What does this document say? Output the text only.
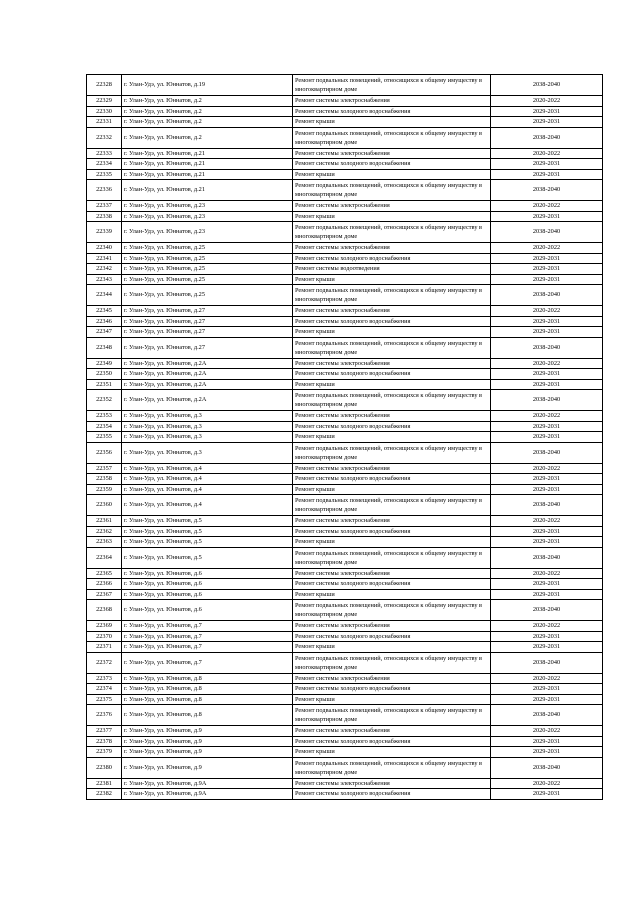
22328	г. Улан-Удэ, ул. Юннатов, д.19	Ремонт подвальных помещений, относящихся к общему имуществу в многоквартирном доме	2038-2040
22329	г. Улан-Удэ, ул. Юннатов, д.2	Ремонт системы электроснабжения	2020-2022
22330	г. Улан-Удэ, ул. Юннатов, д.2	Ремонт системы холодного водоснабжения	2029-2031
22331	г. Улан-Удэ, ул. Юннатов, д.2	Ремонт крыши	2029-2031
22332	г. Улан-Удэ, ул. Юннатов, д.2	Ремонт подвальных помещений, относящихся к общему имуществу в многоквартирном доме	2038-2040
22333	г. Улан-Удэ, ул. Юннатов, д.21	Ремонт системы электроснабжения	2020-2022
22334	г. Улан-Удэ, ул. Юннатов, д.21	Ремонт системы холодного водоснабжения	2029-2031
22335	г. Улан-Удэ, ул. Юннатов, д.21	Ремонт крыши	2029-2031
22336	г. Улан-Удэ, ул. Юннатов, д.21	Ремонт подвальных помещений, относящихся к общему имуществу в многоквартирном доме	2038-2040
22337	г. Улан-Удэ, ул. Юннатов, д.23	Ремонт системы электроснабжения	2020-2022
22338	г. Улан-Удэ, ул. Юннатов, д.23	Ремонт крыши	2029-2031
22339	г. Улан-Удэ, ул. Юннатов, д.23	Ремонт подвальных помещений, относящихся к общему имуществу в многоквартирном доме	2038-2040
22340	г. Улан-Удэ, ул. Юннатов, д.25	Ремонт системы электроснабжения	2020-2022
22341	г. Улан-Удэ, ул. Юннатов, д.25	Ремонт системы холодного водоснабжения	2029-2031
22342	г. Улан-Удэ, ул. Юннатов, д.25	Ремонт системы водоотведения	2029-2031
22343	г. Улан-Удэ, ул. Юннатов, д.25	Ремонт крыши	2029-2031
22344	г. Улан-Удэ, ул. Юннатов, д.25	Ремонт подвальных помещений, относящихся к общему имуществу в многоквартирном доме	2038-2040
22345	г. Улан-Удэ, ул. Юннатов, д.27	Ремонт системы электроснабжения	2020-2022
22346	г. Улан-Удэ, ул. Юннатов, д.27	Ремонт системы холодного водоснабжения	2029-2031
22347	г. Улан-Удэ, ул. Юннатов, д.27	Ремонт крыши	2029-2031
22348	г. Улан-Удэ, ул. Юннатов, д.27	Ремонт подвальных помещений, относящихся к общему имуществу в многоквартирном доме	2038-2040
22349	г. Улан-Удэ, ул. Юннатов, д.2А	Ремонт системы электроснабжения	2020-2022
22350	г. Улан-Удэ, ул. Юннатов, д.2А	Ремонт системы холодного водоснабжения	2029-2031
22351	г. Улан-Удэ, ул. Юннатов, д.2А	Ремонт крыши	2029-2031
22352	г. Улан-Удэ, ул. Юннатов, д.2А	Ремонт подвальных помещений, относящихся к общему имуществу в многоквартирном доме	2038-2040
22353	г. Улан-Удэ, ул. Юннатов, д.3	Ремонт системы электроснабжения	2020-2022
22354	г. Улан-Удэ, ул. Юннатов, д.3	Ремонт системы холодного водоснабжения	2029-2031
22355	г. Улан-Удэ, ул. Юннатов, д.3	Ремонт крыши	2029-2031
22356	г. Улан-Удэ, ул. Юннатов, д.3	Ремонт подвальных помещений, относящихся к общему имуществу в многоквартирном доме	2038-2040
22357	г. Улан-Удэ, ул. Юннатов, д.4	Ремонт системы электроснабжения	2020-2022
22358	г. Улан-Удэ, ул. Юннатов, д.4	Ремонт системы холодного водоснабжения	2029-2031
22359	г. Улан-Удэ, ул. Юннатов, д.4	Ремонт крыши	2029-2031
22360	г. Улан-Удэ, ул. Юннатов, д.4	Ремонт подвальных помещений, относящихся к общему имуществу в многоквартирном доме	2038-2040
22361	г. Улан-Удэ, ул. Юннатов, д.5	Ремонт системы электроснабжения	2020-2022
22362	г. Улан-Удэ, ул. Юннатов, д.5	Ремонт системы холодного водоснабжения	2029-2031
22363	г. Улан-Удэ, ул. Юннатов, д.5	Ремонт крыши	2029-2031
22364	г. Улан-Удэ, ул. Юннатов, д.5	Ремонт подвальных помещений, относящихся к общему имуществу в многоквартирном доме	2038-2040
22365	г. Улан-Удэ, ул. Юннатов, д.6	Ремонт системы электроснабжения	2020-2022
22366	г. Улан-Удэ, ул. Юннатов, д.6	Ремонт системы холодного водоснабжения	2029-2031
22367	г. Улан-Удэ, ул. Юннатов, д.6	Ремонт крыши	2029-2031
22368	г. Улан-Удэ, ул. Юннатов, д.6	Ремонт подвальных помещений, относящихся к общему имуществу в многоквартирном доме	2038-2040
22369	г. Улан-Удэ, ул. Юннатов, д.7	Ремонт системы электроснабжения	2020-2022
22370	г. Улан-Удэ, ул. Юннатов, д.7	Ремонт системы холодного водоснабжения	2029-2031
22371	г. Улан-Удэ, ул. Юннатов, д.7	Ремонт крыши	2029-2031
22372	г. Улан-Удэ, ул. Юннатов, д.7	Ремонт подвальных помещений, относящихся к общему имуществу в многоквартирном доме	2038-2040
22373	г. Улан-Удэ, ул. Юннатов, д.8	Ремонт системы электроснабжения	2020-2022
22374	г. Улан-Удэ, ул. Юннатов, д.8	Ремонт системы холодного водоснабжения	2029-2031
22375	г. Улан-Удэ, ул. Юннатов, д.8	Ремонт крыши	2029-2031
22376	г. Улан-Удэ, ул. Юннатов, д.8	Ремонт подвальных помещений, относящихся к общему имуществу в многоквартирном доме	2038-2040
22377	г. Улан-Удэ, ул. Юннатов, д.9	Ремонт системы электроснабжения	2020-2022
22378	г. Улан-Удэ, ул. Юннатов, д.9	Ремонт системы холодного водоснабжения	2029-2031
22379	г. Улан-Удэ, ул. Юннатов, д.9	Ремонт крыши	2029-2031
22380	г. Улан-Удэ, ул. Юннатов, д.9	Ремонт подвальных помещений, относящихся к общему имуществу в многоквартирном доме	2038-2040
22381	г. Улан-Удэ, ул. Юннатов, д.9А	Ремонт системы электроснабжения	2020-2022
22382	г. Улан-Удэ, ул. Юннатов, д.9А	Ремонт системы холодного водоснабжения	2029-2031
